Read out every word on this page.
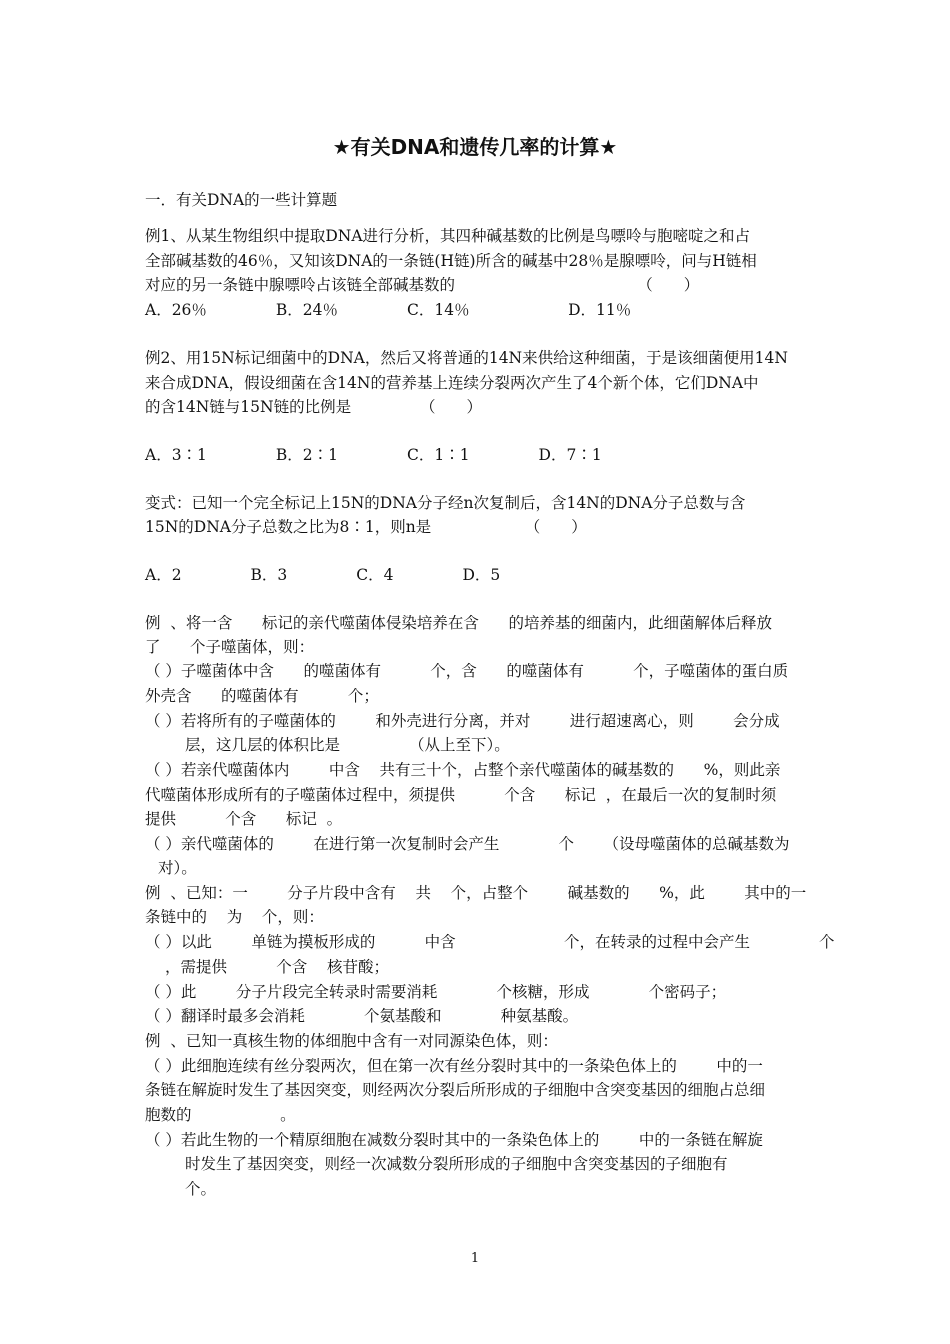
★有关DNA和遗传几率的计算★
一．有关DNA的一些计算题
例1、从某生物组织中提取DNA进行分析，其四种碱基数的比例是鸟嘌呤与胞嘧啶之和占
全部碱基数的46％，又知该DNA的一条链(H链)所含的碱基中28％是腺嘌呤，问与H链相
对应的另一条链中腺嘌呤占该链全部碱基数的                                     （　　）
A．26％              B．24％              C．14％                    D．11％
例2、用15N标记细菌中的DNA，然后又将普通的14N来供给这种细菌，于是该细菌便用14N
来合成DNA，假设细菌在含14N的营养基上连续分裂两次产生了4个新个体，它们DNA中
的含14N链与15N链的比例是              （　　）
A．3∶1              B．2∶1              C．1∶1              D．7∶1
变式：已知一个完全标记上15N的DNA分子经n次复制后，含14N的DNA分子总数与含
15N的DNA分子总数之比为8∶1，则n是                   （　　）
A．2              B．3              C．4              D．5
例  、将一含      标记的亲代噬菌体侵染培养在含      的培养基的细菌内，此细菌解体后释放
了      个子噬菌体，则：
（ ）子噬菌体中含      的噬菌体有          个，含      的噬菌体有          个，子噬菌体的蛋白质
外壳含      的噬菌体有          个；
（ ）若将所有的子噬菌体的        和外壳进行分离，并对        进行超速离心，则        会分成
层，这几层的体积比是              （从上至下）。
（ ）若亲代噬菌体内        中含    共有三十个，占整个亲代噬菌体的碱基数的      %，则此亲
代噬菌体形成所有的子噬菌体过程中，须提供          个含      标记  ，在最后一次的复制时须
提供          个含      标记  。
（ ）亲代噬菌体的        在进行第一次复制时会产生            个      （设母噬菌体的总碱基数为
对）。
例  、已知：一        分子片段中含有    共    个，占整个        碱基数的      %，此        其中的一
条链中的    为    个，则：
（ ）以此        单链为摸板形成的          中含                      个，在转录的过程中会产生              个
，需提供          个含    核苷酸；
（ ）此        分子片段完全转录时需要消耗            个核糖，形成            个密码子；
（ ）翻译时最多会消耗            个氨基酸和            种氨基酸。
例  、已知一真核生物的体细胞中含有一对同源染色体，则：
（ ）此细胞连续有丝分裂两次，但在第一次有丝分裂时其中的一条染色体上的        中的一
条链在解旋时发生了基因突变，则经两次分裂后所形成的子细胞中含突变基因的细胞占总细
胞数的                  。
（ ）若此生物的一个精原细胞在减数分裂时其中的一条染色体上的        中的一条链在解旋
时发生了基因突变，则经一次减数分裂所形成的子细胞中含突变基因的子细胞有
个。
1
